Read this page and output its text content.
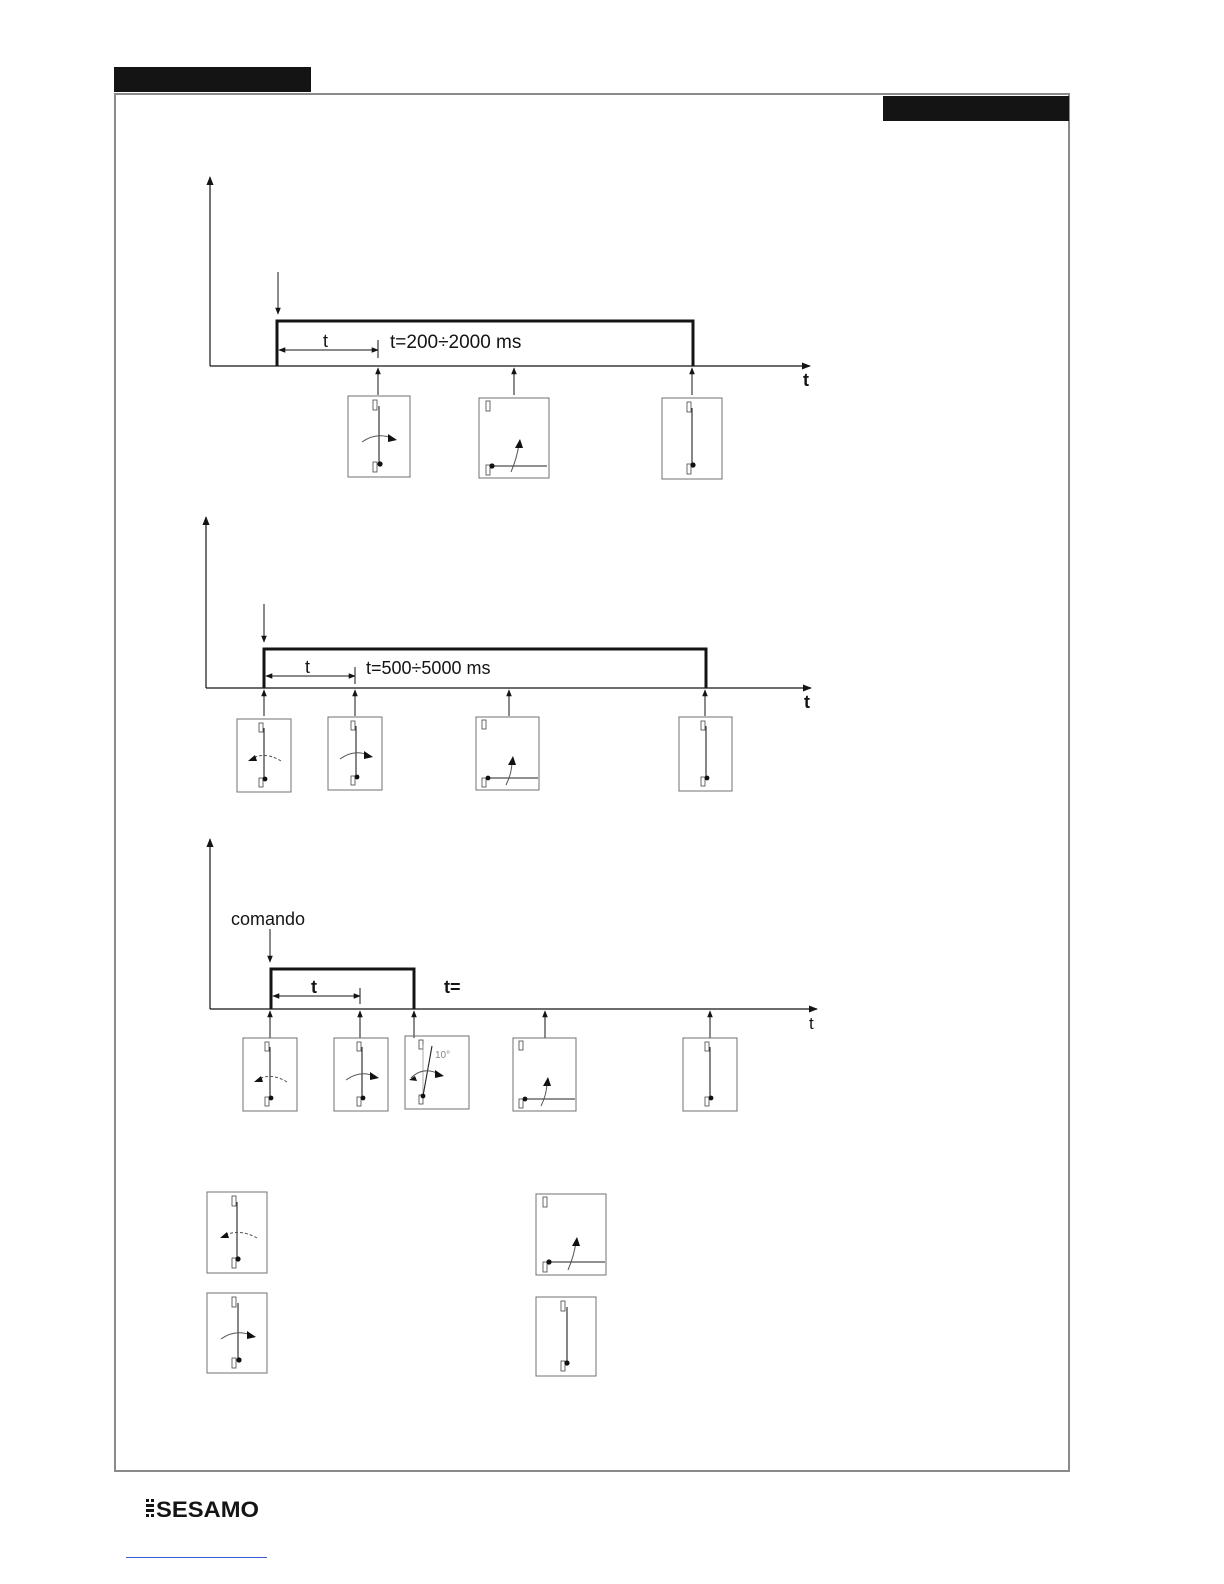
t
t	t=200÷2000 ms
t
t	t=500÷5000 ms
comando
t
t	t=
10°
SESAMO
